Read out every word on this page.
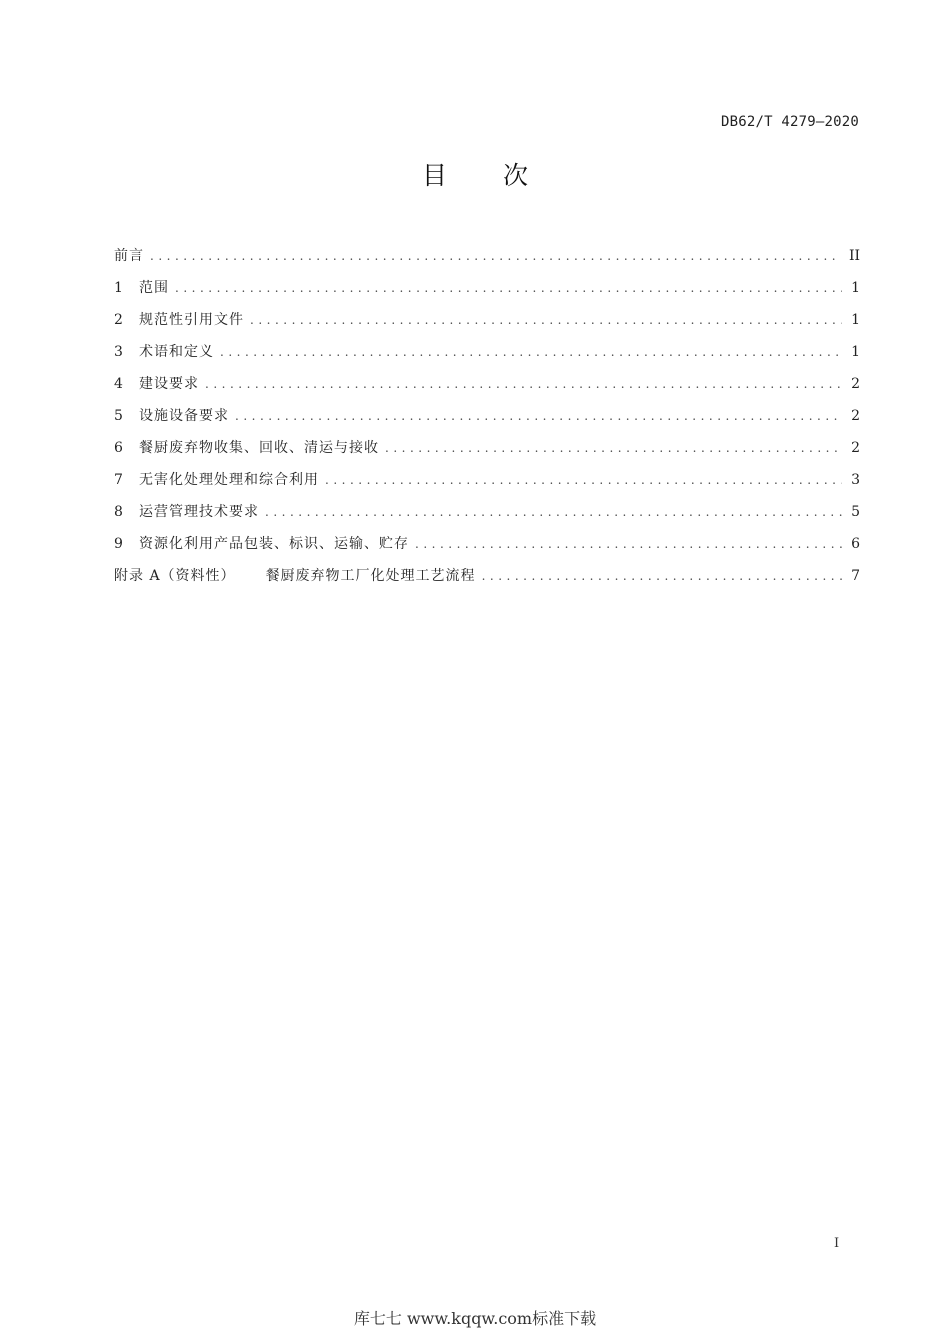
DB62/T 4279—2020
目 次
前言 .....	II
1	范围 .....	1
2	规范性引用文件 .....	1
3	术语和定义 .....	1
4	建设要求 .....	2
5	设施设备要求 .....	2
6	餐厨废弃物收集、回收、清运与接收 .....	2
7	无害化处理处理和综合利用 .....	3
8	运营管理技术要求 .....	5
9	资源化利用产品包装、标识、运输、贮存 .....	6
附录 A（资料性） 餐厨废弃物工厂化处理工艺流程 .....	7
I
库七七 www.kqqw.com标准下载
